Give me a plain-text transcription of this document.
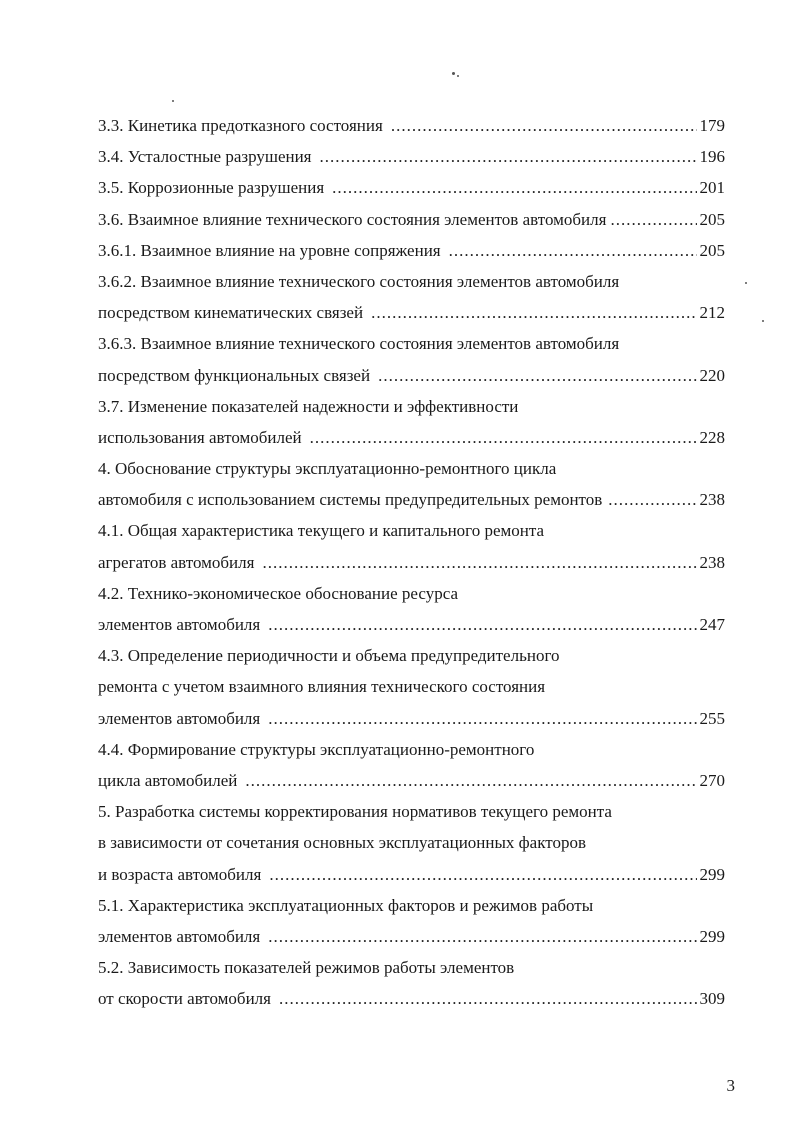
3.3. Кинетика предотказного состояния .....	179
3.4. Усталостные разрушения .....	196
3.5. Коррозионные разрушения .....	201
3.6. Взаимное влияние технического состояния элементов автомобиля .....	205
3.6.1. Взаимное влияние на уровне сопряжения .....	205
3.6.2. Взаимное влияние технического состояния элементов автомобиля
посредством кинематических связей .....	212
3.6.3. Взаимное влияние технического состояния элементов автомобиля
посредством функциональных связей .....	220
3.7. Изменение показателей надежности и эффективности
использования автомобилей .....	228
4. Обоснование структуры эксплуатационно-ремонтного цикла
автомобиля с использованием системы предупредительных ремонтов .....	238
4.1. Общая характеристика текущего и капитального ремонта
агрегатов автомобиля .....	238
4.2. Технико-экономическое обоснование ресурса
элементов автомобиля .....	247
4.3. Определение периодичности и объема предупредительного
ремонта с учетом взаимного влияния технического состояния
элементов автомобиля .....	255
4.4. Формирование структуры эксплуатационно-ремонтного
цикла автомобилей .....	270
5. Разработка системы корректирования нормативов текущего ремонта
в зависимости от сочетания основных эксплуатационных факторов
и возраста автомобиля .....	299
5.1. Характеристика эксплуатационных факторов и режимов работы
элементов автомобиля .....	299
5.2. Зависимость показателей режимов работы элементов
от скорости автомобиля .....	309
3
